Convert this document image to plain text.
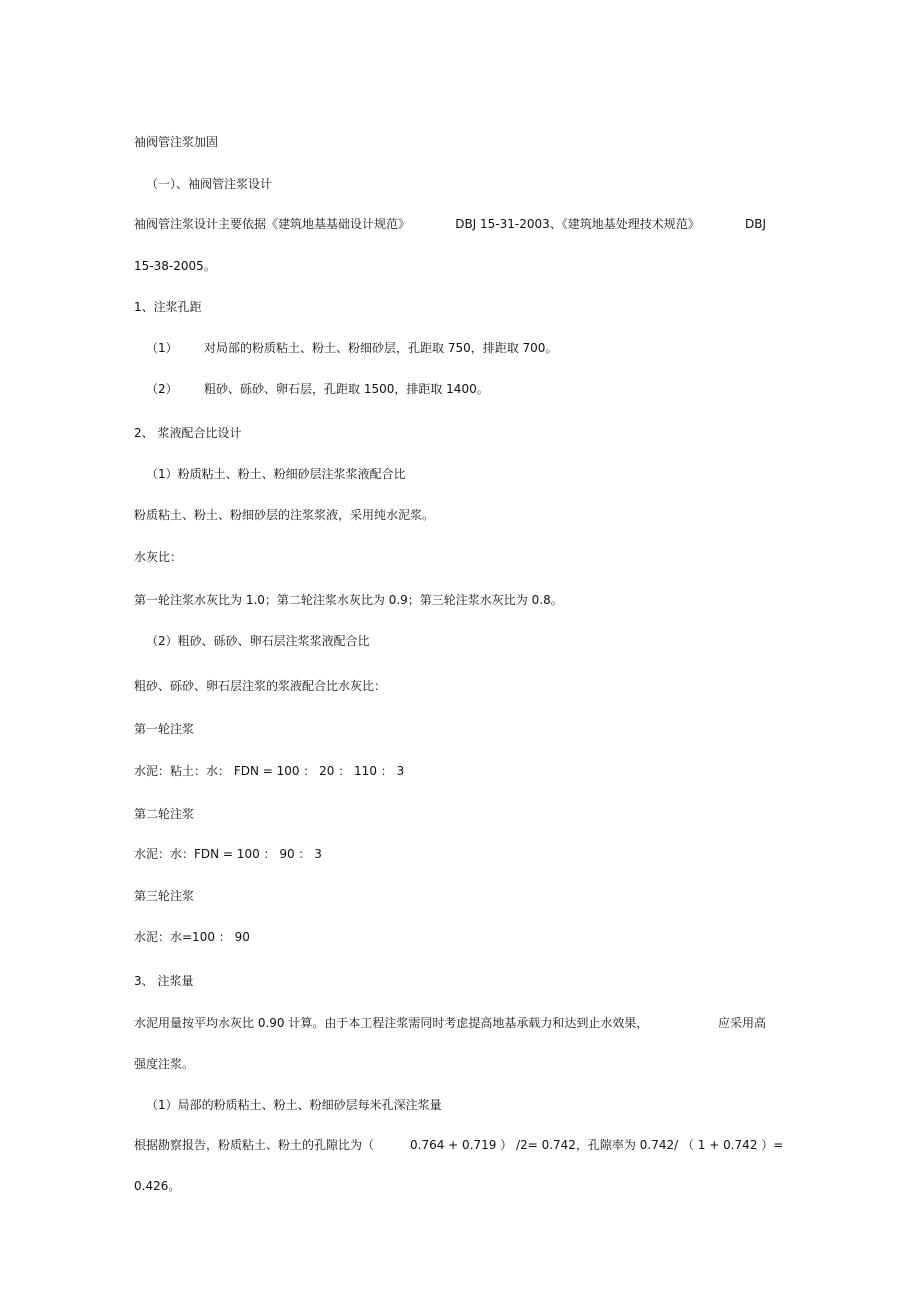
袖阀管注浆加固
（一）、袖阀管注浆设计
袖阀管注浆设计主要依据《建筑地基基础设计规范》	DBJ 15-31-2003、《建筑地基处理技术规范》	DBJ
15-38-2005。
1、注浆孔距
（1） 对局部的粉质粘土、粉土、粉细砂层，孔距取 750，排距取 700。
（2） 粗砂、砾砂、卵石层，孔距取 1500，排距取 1400。
2、 浆液配合比设计
（1）粉质粘土、粉土、粉细砂层注浆浆液配合比
粉质粘土、粉土、粉细砂层的注浆浆液，采用纯水泥浆。
水灰比：
第一轮注浆水灰比为 1.0；第二轮注浆水灰比为 0.9；第三轮注浆水灰比为 0.8。
（2）粗砂、砾砂、卵石层注浆浆液配合比
粗砂、砾砂、卵石层注浆的浆液配合比水灰比：
第一轮注浆
水泥：粘土：水： FDN = 100 ： 20 ： 110 ： 3
第二轮注浆
水泥：水：FDN = 100 ： 90 ： 3
第三轮注浆
水泥：水=100 ： 90
3、 注浆量
水泥用量按平均水灰比 0.90 计算。由于本工程注浆需同时考虑提高地基承载力和达到止水效果，	应采用高
强度注浆。
（1）局部的粉质粘土、粉土、粉细砂层每米孔深注浆量
根据勘察报告，粉质粘土、粉土的孔隙比为（	0.764 + 0.719 ） /2= 0.742，孔隙率为 0.742/ （ 1 + 0.742 ）=
0.426。
